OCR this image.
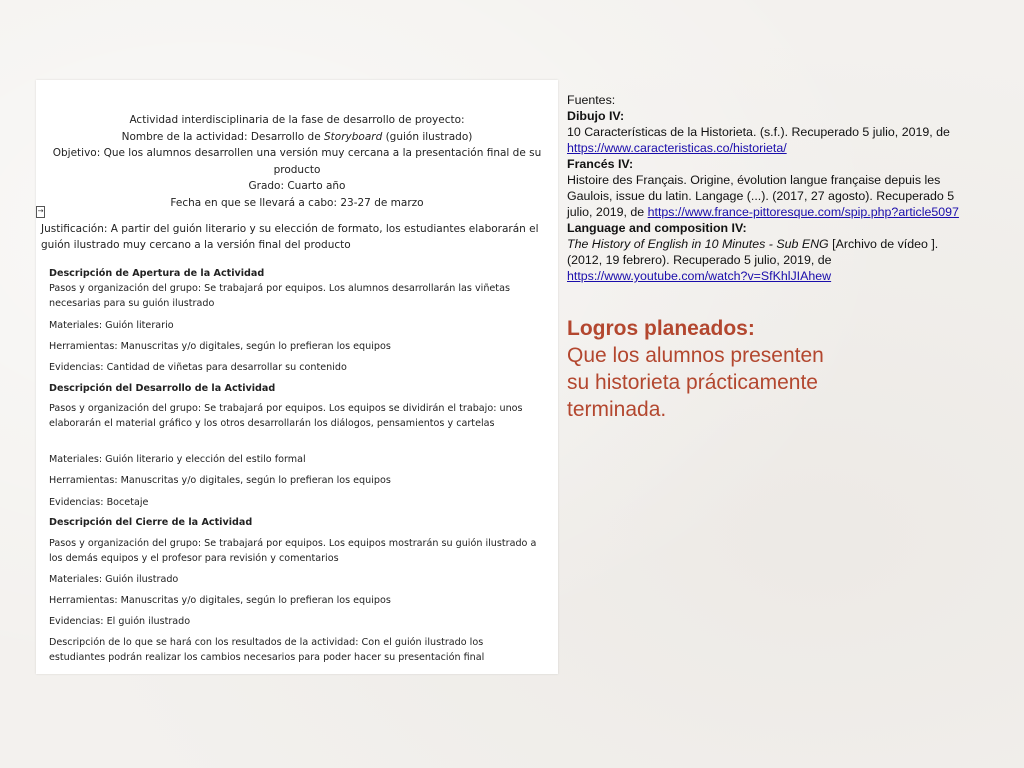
Actividad interdisciplinaria de la fase de desarrollo de proyecto:

Nombre de la actividad: Desarrollo de Storyboard (guión ilustrado)

Objetivo: Que los alumnos desarrollen una versión muy cercana a la presentación final de su

producto

Grado: Cuarto año

Fecha en que se llevará a cabo: 23-27 de marzo

→
Justificación: A partir del guión literario y su elección de formato, los estudiantes elaborarán el guión ilustrado muy cercano a la versión final del producto
Descripción de Apertura de la Actividad
Pasos y organización del grupo: Se trabajará por equipos. Los alumnos desarrollarán las viñetas necesarias para su guión ilustrado
Materiales: Guión literario
Herramientas: Manuscritas y/o digitales, según lo prefieran los equipos
Evidencias: Cantidad de viñetas para desarrollar su contenido
Descripción del Desarrollo de la Actividad
Pasos y organización del grupo: Se trabajará por equipos. Los equipos se dividirán el trabajo: unos elaborarán el material gráfico y los otros desarrollarán los diálogos, pensamientos y cartelas
Materiales: Guión literario y elección del estilo formal
Herramientas: Manuscritas y/o digitales, según lo prefieran los equipos
Evidencias: Bocetaje
Descripción del Cierre de la Actividad
Pasos y organización del grupo: Se trabajará por equipos. Los equipos mostrarán su guión ilustrado a los demás equipos y el profesor para revisión y comentarios
Materiales: Guión ilustrado
Herramientas: Manuscritas y/o digitales, según lo prefieran los equipos
Evidencias: El guión ilustrado
Descripción de lo que se hará con los resultados de la actividad: Con el guión ilustrado los estudiantes podrán realizar los cambios necesarios para poder hacer su presentación final
Fuentes:
Dibujo IV:
10 Características de la Historieta. (s.f.). Recuperado 5 julio, 2019, de
https://www.caracteristicas.co/historieta/
Francés IV:
Histoire des Français. Origine, évolution langue française depuis les
Gaulois, issue du latin. Langage (...). (2017, 27 agosto). Recuperado 5
julio, 2019, de https://www.france-pittoresque.com/spip.php?article5097
Language and composition IV:
The History of English in 10 Minutes - Sub ENG [Archivo de vídeo ].
(2012, 19 febrero). Recuperado 5 julio, 2019, de
https://www.youtube.com/watch?v=SfKhlJIAhew
Logros planeados:
Que los alumnos presenten
su historieta prácticamente
terminada.
